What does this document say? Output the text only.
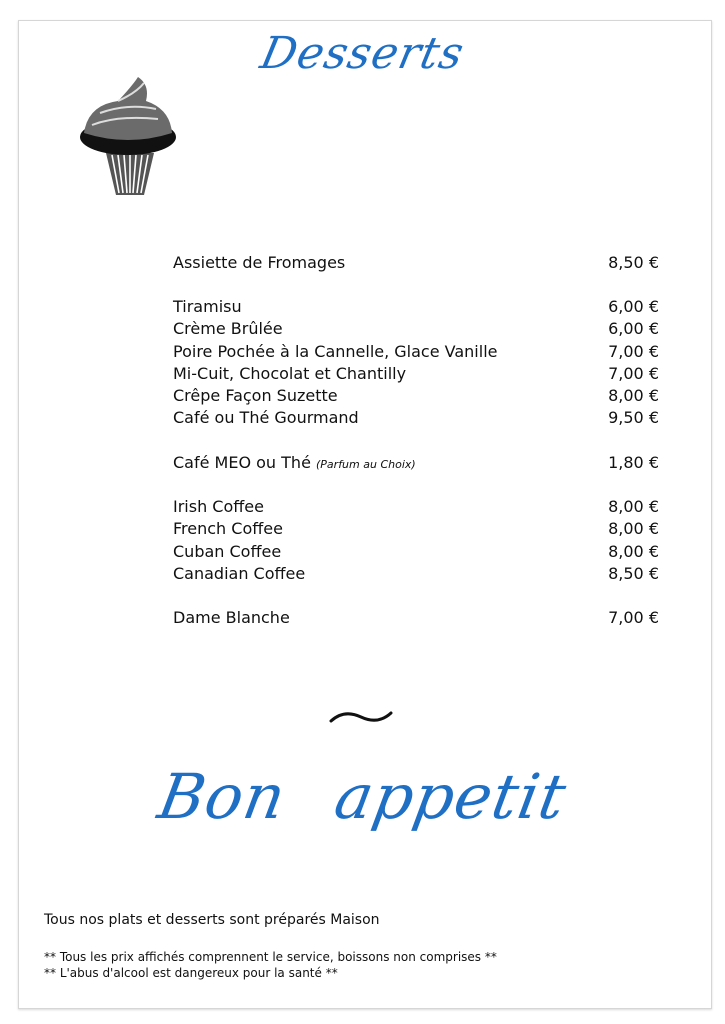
Desserts
Assiette de Fromages	8,50 €
Tiramisu	6,00 €
Crème Brûlée	6,00 €
Poire Pochée à la Cannelle, Glace Vanille	7,00 €
Mi-Cuit, Chocolat et Chantilly	7,00 €
Crêpe Façon Suzette	8,00 €
Café ou Thé Gourmand	9,50 €
Café MEO ou Thé (Parfum au Choix)	1,80 €
Irish Coffee	8,00 €
French Coffee	8,00 €
Cuban Coffee	8,00 €
Canadian Coffee	8,50 €
Dame Blanche	7,00 €
Bon appetit
Tous nos plats et desserts sont préparés Maison
** Tous les prix affichés comprennent le service, boissons non comprises **
** L'abus d'alcool est dangereux pour la santé **
